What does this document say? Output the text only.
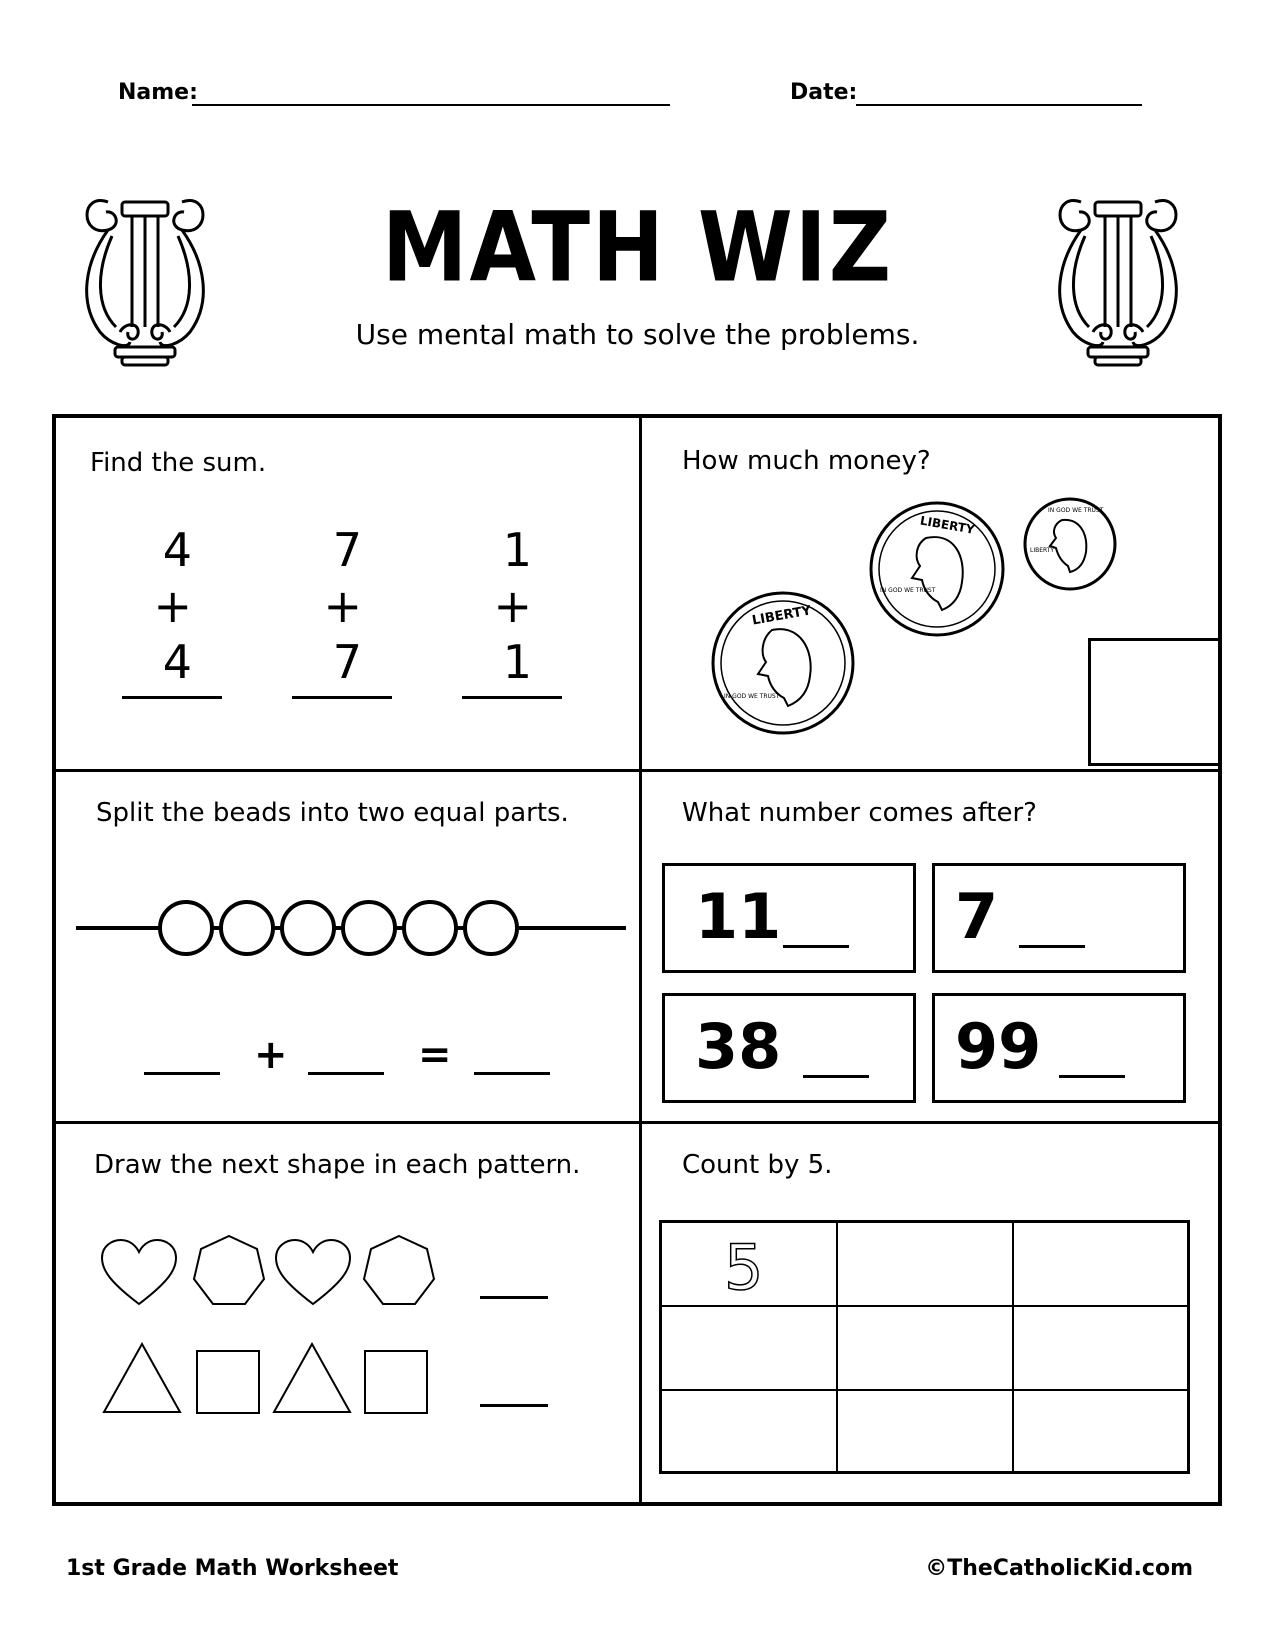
Name:	Date:
MATH WIZ
Use mental math to solve the problems.
Find the sum.
4
+ 4
7
+ 7
1
+ 1
How much money?
LIBERTY
IN GOD WE TRUST
LIBERTY
IN GOD WE TRUST
IN GOD WE TRUST
LIBERTY
Split the beads into two equal parts.
+	=
What number comes after?
11	7
38	99
Draw the next shape in each pattern.	Count by 5.
5
1st Grade Math Worksheet	©TheCatholicKid.com
